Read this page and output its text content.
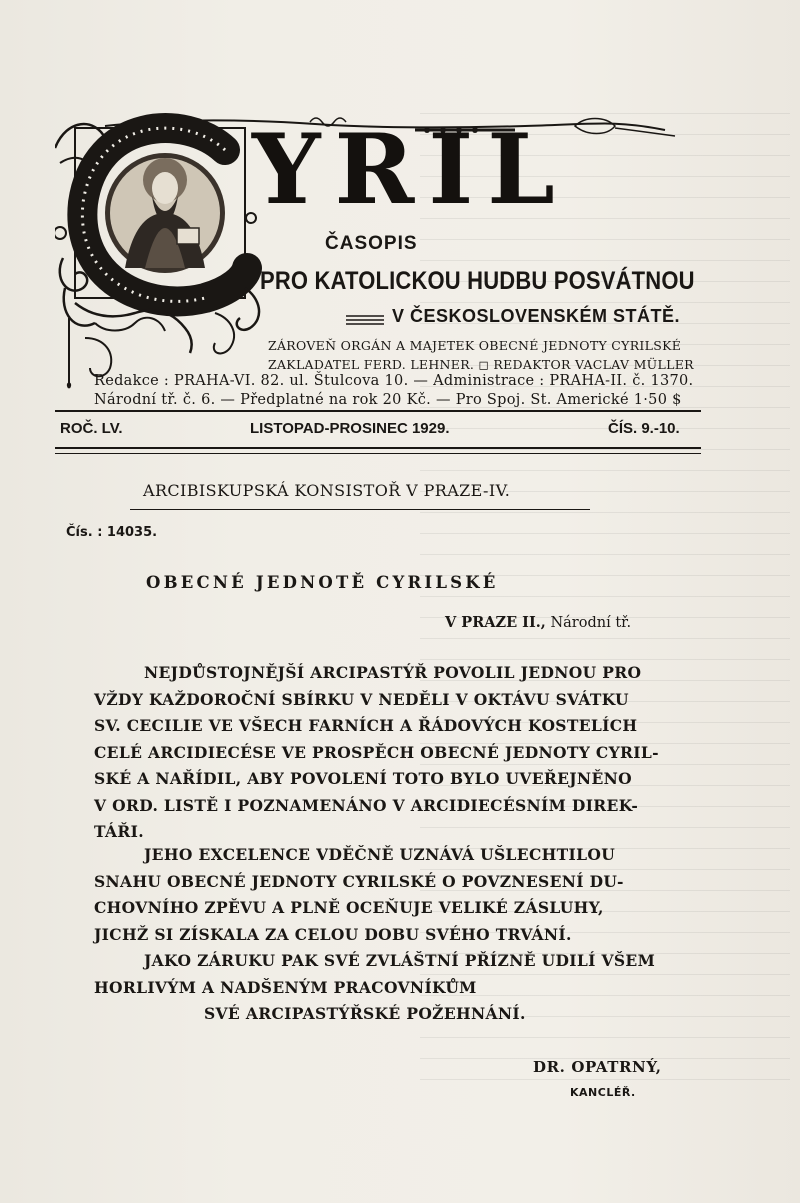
YRIL
ČASOPIS
PRO KATOLICKOU HUDBU POSVÁTNOU
V ČESKOSLOVENSKÉM STÁTĚ.
ZÁROVEŇ ORGÁN A MAJETEK OBECNÉ JEDNOTY CYRILSKÉ
ZAKLADATEL FERD. LEHNER. ◻ REDAKTOR VACLAV MÜLLER
Redakce : PRAHA-VI. 82. ul. Štulcova 10. — Administrace : PRAHA-II. č. 1370.
Národní tř. č. 6. — Předplatné na rok 20 Kč. — Pro Spoj. St. Americké 1·50 $
ROČ. LV.	LISTOPAD-PROSINEC 1929.	ČÍS. 9.-10.
ARCIBISKUPSKÁ KONSISTOŘ V PRAZE-IV.
Čís. : 14035.
OBECNÉ JEDNOTĚ CYRILSKÉ
V PRAZE II., Národní tř.
NEJDŮSTOJNĚJŠÍ ARCIPASTÝŘ POVOLIL JEDNOU PRO
VŽDY KAŽDOROČNÍ SBÍRKU V NEDĚLI V OKTÁVU SVÁTKU
SV. CECILIE VE VŠECH FARNÍCH A ŘÁDOVÝCH KOSTELÍCH
CELÉ ARCIDIECÉSE VE PROSPĚCH OBECNÉ JEDNOTY CYRIL-
SKÉ A NAŘÍDIL, ABY POVOLENÍ TOTO BYLO UVEŘEJNĚNO
V ORD. LISTĚ I POZNAMENÁNO V ARCIDIECÉSNÍM DIREK-
TÁŘI.
JEHO EXCELENCE VDĚČNĚ UZNÁVÁ UŠLECHTILOU
SNAHU OBECNÉ JEDNOTY CYRILSKÉ O POVZNESENÍ DU-
CHOVNÍHO ZPĚVU A PLNĚ OCEŇUJE VELIKÉ ZÁSLUHY,
JICHŽ SI ZÍSKALA ZA CELOU DOBU SVÉHO TRVÁNÍ.
JAKO ZÁRUKU PAK SVÉ ZVLÁŠTNÍ PŘÍZNĚ UDILÍ VŠEM
HORLIVÝM A NADŠENÝM PRACOVNÍKŮM
SVÉ ARCIPASTÝŘSKÉ POŽEHNÁNÍ.
DR. OPATRNÝ,
KANCLÉŘ.
